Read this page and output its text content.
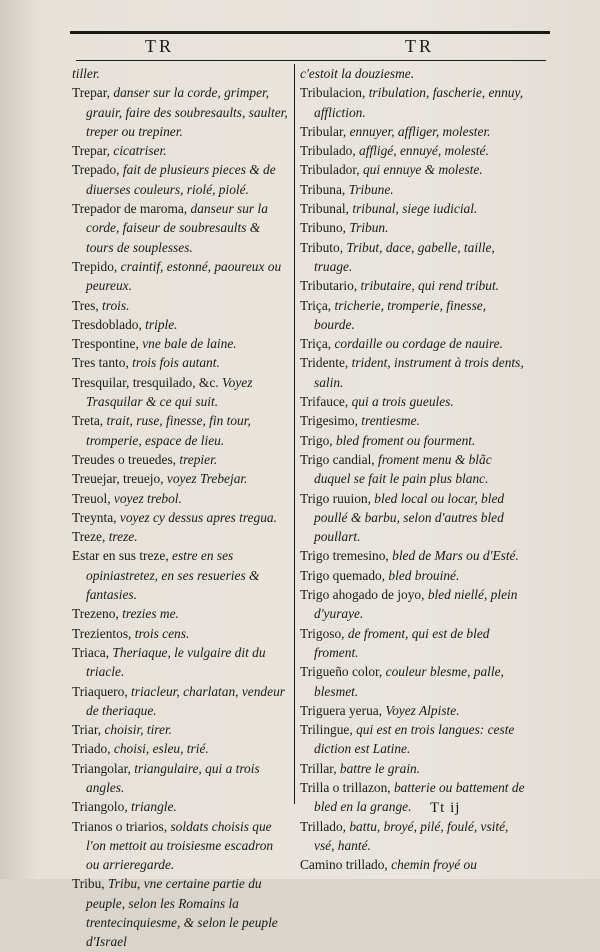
TR	TR

tiller.

Trepar, danser sur la corde, grimper, grauir, faire des soubresaults, saulter, treper ou trepiner.

Trepar, cicatriser.

Trepado, fait de plusieurs pieces & de diuerses couleurs, riolé, piolé.

Trepador de maroma, danseur sur la corde, faiseur de soubresaults & tours de souplesses.

Trepido, craintif, estonné, paoureux ou peureux.

Tres, trois.

Tresdoblado, triple.

Trespontine, vne bale de laine.

Tres tanto, trois fois autant.

Tresquilar, tresquilado, &c. Voyez Trasquilar & ce qui suit.

Treta, trait, ruse, finesse, fin tour, tromperie, espace de lieu.

Treudes o treuedes, trepier.

Treuejar, treuejo, voyez Trebejar.

Treuol, voyez trebol.

Treynta, voyez cy dessus apres tregua.

Treze, treze.

Estar en sus treze, estre en ses opiniastretez, en ses resueries & fantasies.

Trezeno, trezies me.

Trezientos, trois cens.

Triaca, Theriaque, le vulgaire dit du triacle.

Triaquero, triacleur, charlatan, vendeur de theriaque.

Triar, choisir, tirer.

Triado, choisi, esleu, trié.

Triangolar, triangulaire, qui a trois angles.

Triangolo, triangle.

Trianos o triarios, soldats choisis que l'on mettoit au troisiesme escadron ou arrieregarde.

Tribu, Tribu, vne certaine partie du peuple, selon les Romains la trentecinquiesme, & selon le peuple d'Israel

c'estoit la douziesme.

Tribulacion, tribulation, fascherie, ennuy, affliction.

Tribular, ennuyer, affliger, molester.

Tribulado, affligé, ennuyé, molesté.

Tribulador, qui ennuye & moleste.

Tribuna, Tribune.

Tribunal, tribunal, siege iudicial.

Tribuno, Tribun.

Tributo, Tribut, dace, gabelle, taille, truage.

Tributario, tributaire, qui rend tribut.

Triça, tricherie, tromperie, finesse, bourde.

Triça, cordaille ou cordage de nauire.

Tridente, trident, instrument à trois dents, salin.

Trifauce, qui a trois gueules.

Trigesimo, trentiesme.

Trigo, bled froment ou fourment.

Trigo candial, froment menu & blãc duquel se fait le pain plus blanc.

Trigo ruuion, bled local ou locar, bled poullé & barbu, selon d'autres bled poullart.

Trigo tremesino, bled de Mars ou d'Esté.

Trigo quemado, bled brouiné.

Trigo ahogado de joyo, bled niellé, plein d'yuraye.

Trigoso, de froment, qui est de bled froment.

Trigueño color, couleur blesme, palle, blesmet.

Triguera yerua, Voyez Alpiste.

Trilingue, qui est en trois langues: ceste diction est Latine.

Trillar, battre le grain.

Trilla o trillazon, batterie ou battement de bled en la grange.

Trillado, battu, broyé, pilé, foulé, vsité, vsé, hanté.

Camino trillado, chemin froyé ou

Tt ij
